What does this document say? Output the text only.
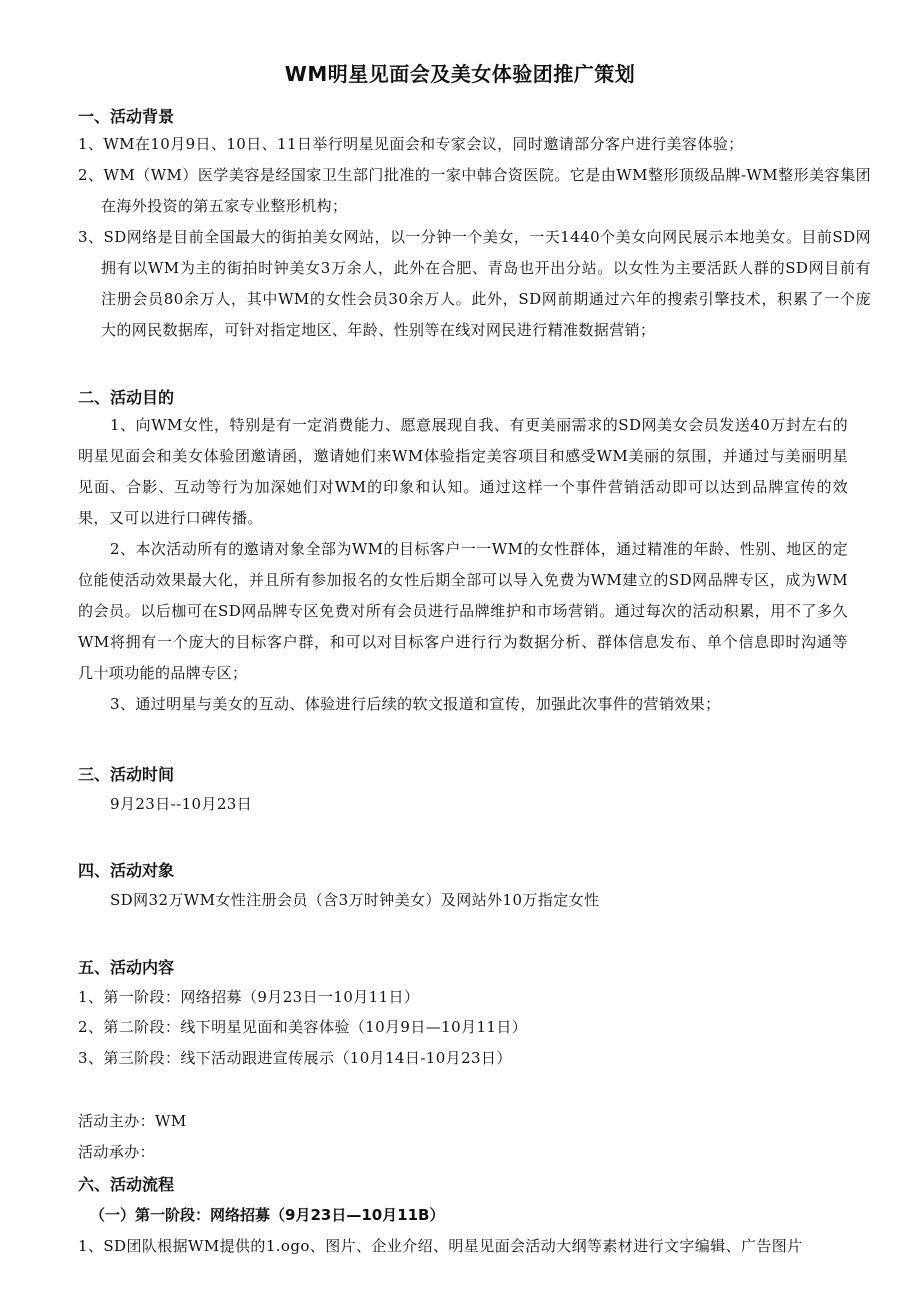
WM明星见面会及美女体验团推广策划
一、活动背景
1、WM在10月9日、10日、11日举行明星见面会和专家会议，同时邀请部分客户进行美容体验；
2、WM（WM）医学美容是经国家卫生部门批准的一家中韩合资医院。它是由WM整形顶级品牌-WM整形美容集团在海外投资的第五家专业整形机构；
3、SD网络是目前全国最大的街拍美女网站，以一分钟一个美女，一天1440个美女向网民展示本地美女。目前SD网拥有以WM为主的街拍时钟美女3万余人，此外在合肥、青岛也开出分站。以女性为主要活跃人群的SD网目前有注册会员80余万人，其中WM的女性会员30余万人。此外，SD网前期通过六年的搜索引擎技术，积累了一个庞大的网民数据库，可针对指定地区、年龄、性别等在线对网民进行精准数据营销；
二、活动目的
1、向WM女性，特别是有一定消费能力、愿意展现自我、有更美丽需求的SD网美女会员发送40万封左右的明星见面会和美女体验团邀请函，邀请她们来WM体验指定美容项目和感受WM美丽的氛围，并通过与美丽明星见面、合影、互动等行为加深她们对WM的印象和认知。通过这样一个事件营销活动即可以达到品牌宣传的效果，又可以进行口碑传播。
2、本次活动所有的邀请对象全部为WM的目标客户一一WM的女性群体，通过精准的年龄、性别、地区的定位能使活动效果最大化，并且所有参加报名的女性后期全部可以导入免费为WM建立的SD网品牌专区，成为WM的会员。以后枷可在SD网品牌专区免费对所有会员进行品牌维护和市场营销。通过每次的活动积累，用不了多久WM将拥有一个庞大的目标客户群，和可以对目标客户进行行为数据分析、群体信息发布、单个信息即时沟通等几十项功能的品牌专区；
3、通过明星与美女的互动、体验进行后续的软文报道和宣传，加强此次事件的营销效果；
三、活动时间
9月23日--10月23日
四、活动对象
SD网32万WM女性注册会员（含3万时钟美女）及网站外10万指定女性
五、活动内容
1、第一阶段：网络招募（9月23日一10月11日）
2、第二阶段：线下明星见面和美容体验（10月9日—10月11日）
3、第三阶段：线下活动跟进宣传展示（10月14日-10月23日）
活动主办：WM
活动承办：
六、活动流程
（一）第一阶段：网络招募（9月23日—10月11B）
1、SD团队根据WM提供的1.ogo、图片、企业介绍、明星见面会活动大纲等素材进行文字编辑、广告图片
